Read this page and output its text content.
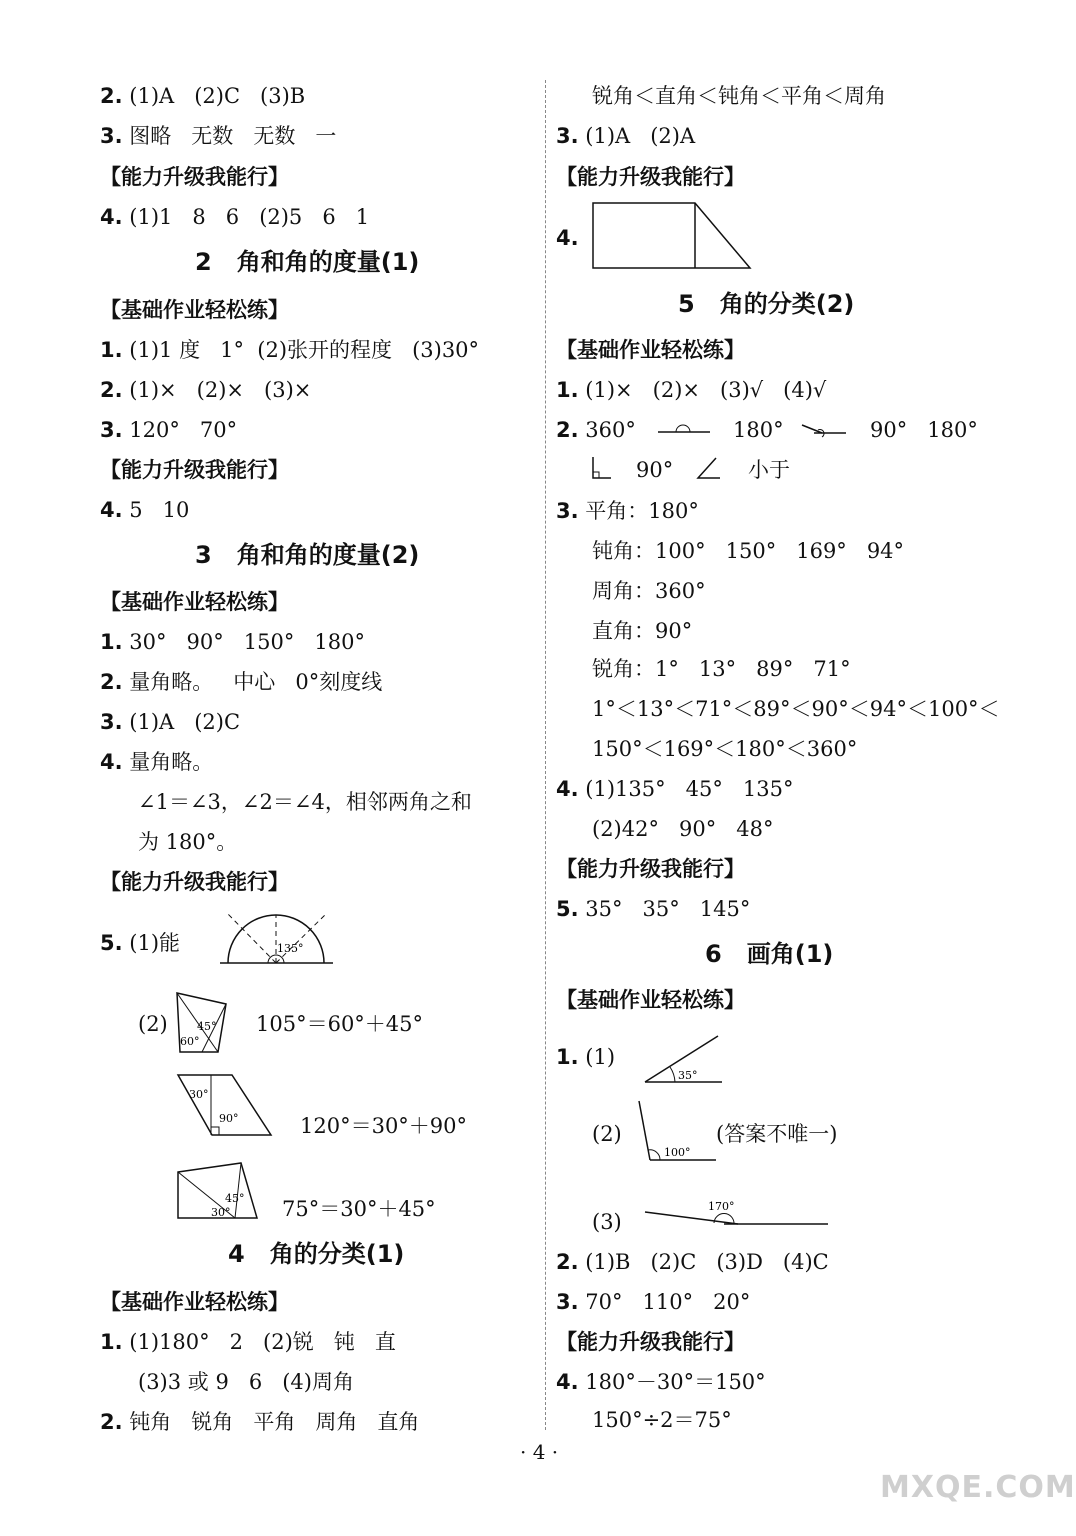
2. (1)A   (2)C   (3)B
3. 图略   无数   无数   一
【能力升级我能行】
4. (1)1   8   6   (2)5   6   1
2   角和角的度量(1)
【基础作业轻松练】
1. (1)1 度   1°  (2)张开的程度   (3)30°
2. (1)×   (2)×   (3)×
3. 120°   70°
【能力升级我能行】
4. 5   10
3   角和角的度量(2)
【基础作业轻松练】
1. 30°   90°   150°   180°
2. 量角略。   中心   0°刻度线
3. (1)A   (2)C
4. 量角略。
∠1＝∠3，∠2＝∠4，相邻两角之和
为 180°。
【能力升级我能行】
5. (1)能	135°
(2)	45°
60°
105°＝60°＋45°
30°
90°	120°＝30°＋90°
45°
30° 75°＝30°＋45°
4   角的分类(1)
【基础作业轻松练】
1. (1)180°   2   (2)锐   钝   直
(3)3 或 9   6   (4)周角
2. 钝角   锐角   平角   周角   直角
锐角＜直角＜钝角＜平角＜周角
3. (1)A   (2)A
【能力升级我能行】
4.
5   角的分类(2)
【基础作业轻松练】
1. (1)×   (2)×   (3)√   (4)√
2. 360°	180°	90°   180°
90°	小于
3. 平角：180°
钝角：100°   150°   169°   94°
周角：360°
直角：90°
锐角：1°   13°   89°   71°
1°＜13°＜71°＜89°＜90°＜94°＜100°＜
150°＜169°＜180°＜360°
4. (1)135°   45°   135°
(2)42°   90°   48°
【能力升级我能行】
5. 35°   35°   145°
6   画角(1)
【基础作业轻松练】
1. (1)
35°
(2)
100°
(答案不唯一)
(3)
170°
2. (1)B   (2)C   (3)D   (4)C
3. 70°   110°   20°
【能力升级我能行】
4. 180°－30°＝150°
150°÷2＝75°
· 4 ·
MXQE.COM
